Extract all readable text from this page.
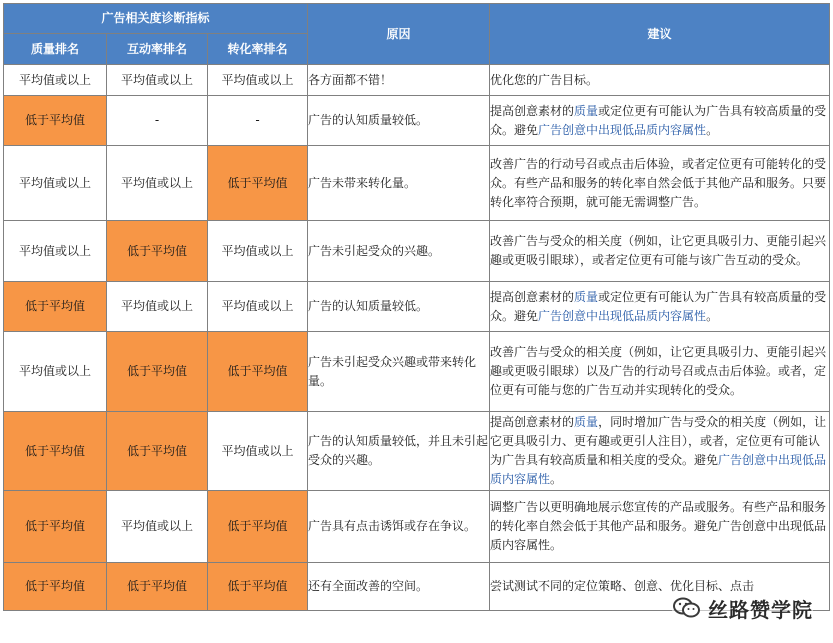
广告相关度诊断指标			原因	建议
质量排名	互动率排名	转化率排名		
平均值或以上	平均值或以上	平均值或以上	各方面都不错！	优化您的广告目标。
低于平均值	-	-	广告的认知质量较低。	提高创意素材的质量或定位更有可能认为广告具有较高质量的受众。避免广告创意中出现低品质内容属性。
平均值或以上	平均值或以上	低于平均值	广告未带来转化量。	改善广告的行动号召或点击后体验，或者定位更有可能转化的受众。有些产品和服务的转化率自然会低于其他产品和服务。只要转化率符合预期，就可能无需调整广告。
平均值或以上	低于平均值	平均值或以上	广告未引起受众的兴趣。	改善广告与受众的相关度（例如，让它更具吸引力、更能引起兴趣或更吸引眼球），或者定位更有可能与该广告互动的受众。
低于平均值	平均值或以上	平均值或以上	广告的认知质量较低。	提高创意素材的质量或定位更有可能认为广告具有较高质量的受众。避免广告创意中出现低品质内容属性。
平均值或以上	低于平均值	低于平均值	广告未引起受众兴趣或带来转化量。	改善广告与受众的相关度（例如，让它更具吸引力、更能引起兴趣或更吸引眼球）以及广告的行动号召或点击后体验。或者，定位更有可能与您的广告互动并实现转化的受众。
低于平均值	低于平均值	平均值或以上	广告的认知质量较低，并且未引起受众的兴趣。	提高创意素材的质量，同时增加广告与受众的相关度（例如，让它更具吸引力、更有趣或更引人注目），或者，定位更有可能认为广告具有较高质量和相关度的受众。避免广告创意中出现低品质内容属性。
低于平均值	平均值或以上	低于平均值	广告具有点击诱饵或存在争议。	调整广告以更明确地展示您宣传的产品或服务。有些产品和服务的转化率自然会低于其他产品和服务。避免广告创意中出现低品质内容属性。
低于平均值	低于平均值	低于平均值	还有全面改善的空间。	尝试测试不同的定位策略、创意、优化目标、点击
丝路赞学院
